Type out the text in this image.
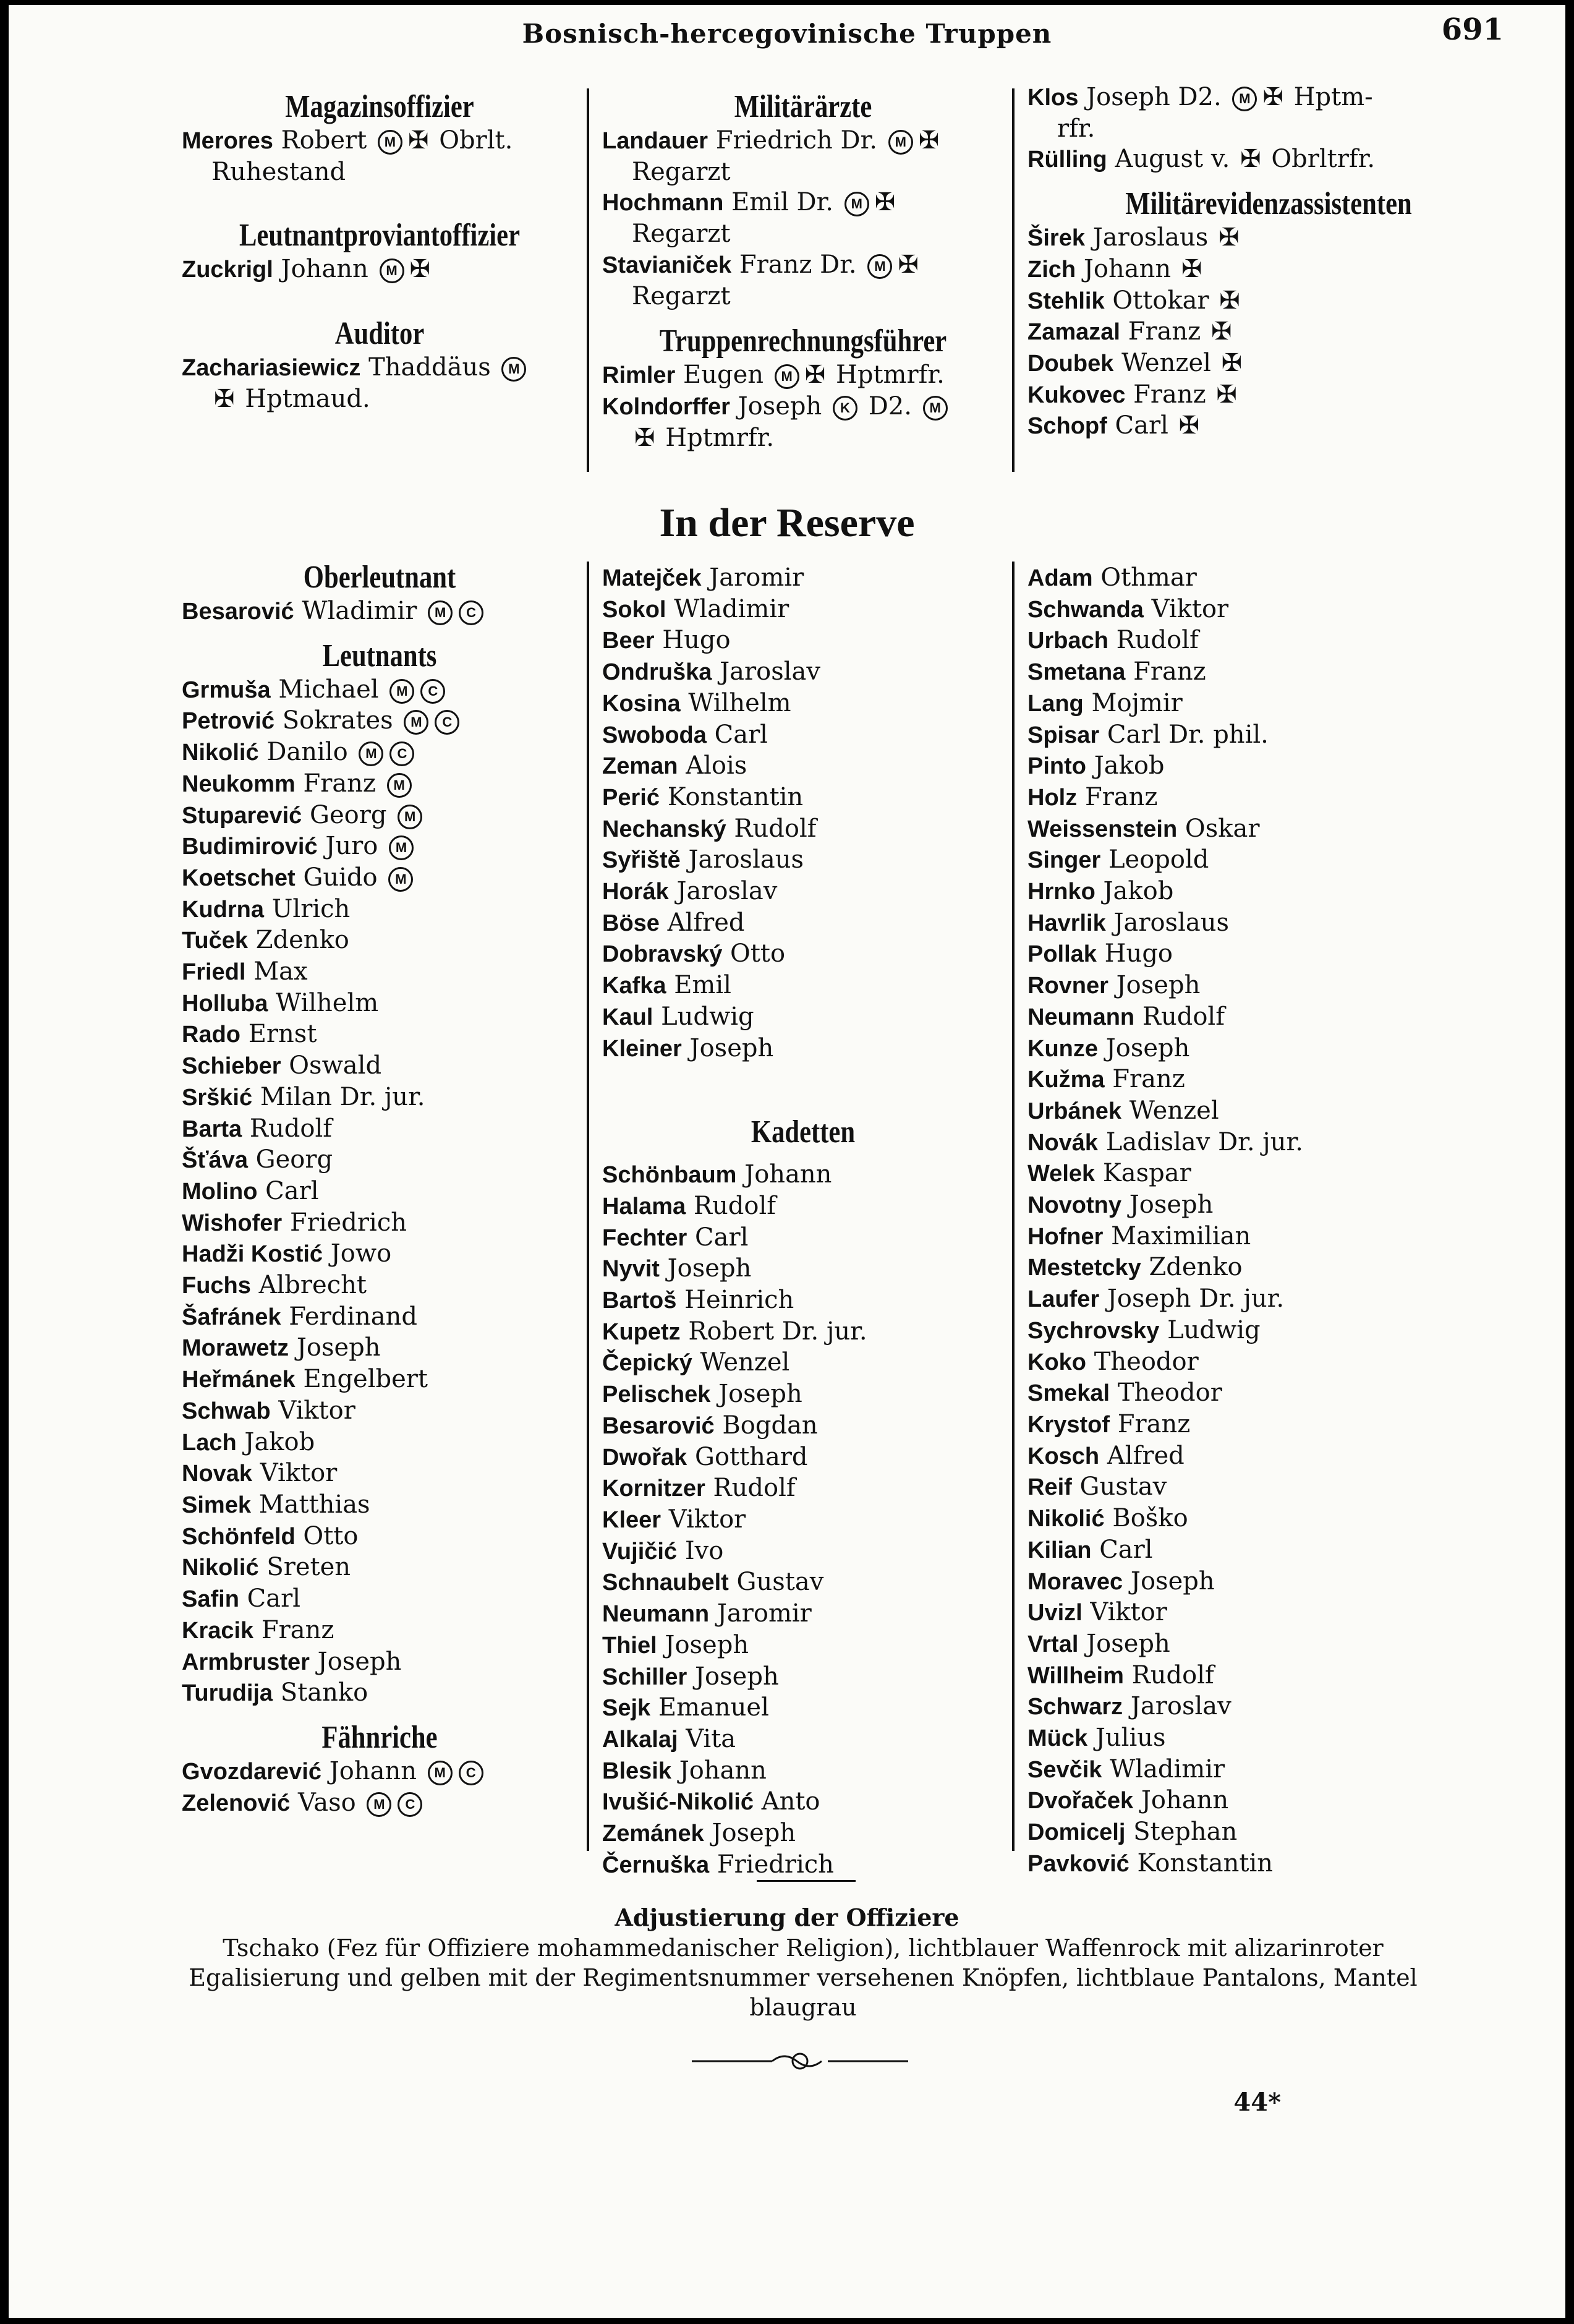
Bosnisch-hercegovinische Truppen	691
Magazinsoffizier
Merores Robert M ✠ Obrlt.
Ruhestand
Leutnantproviantoffizier
Zuckrigl Johann M ✠
Auditor
Zachariasiewicz Thaddäus M
✠ Hptmaud.
Militärärzte
Landauer Friedrich Dr. M ✠
Regarzt
Hochmann Emil Dr. M ✠
Regarzt
Stavianiček Franz Dr. M ✠
Regarzt
Truppenrechnungsführer
Rimler Eugen M ✠ Hptmrfr.
Kolndorffer Joseph K D2. M
✠ Hptmrfr.
Klos Joseph D2. M ✠ Hptm-
rfr.
Rülling August v. ✠ Obrltrfr.
Militärevidenzassistenten
Širek Jaroslaus ✠
Zich Johann ✠
Stehlik Ottokar ✠
Zamazal Franz ✠
Doubek Wenzel ✠
Kukovec Franz ✠
Schopf Carl ✠
In der Reserve
Oberleutnant
Besarović Wladimir M C
Leutnants
Grmuša Michael M C
Petrović Sokrates M C
Nikolić Danilo M C
Neukomm Franz M
Stuparević Georg M
Budimirović Juro M
Koetschet Guido M
Kudrna Ulrich
Tuček Zdenko
Friedl Max
Holluba Wilhelm
Rado Ernst
Schieber Oswald
Srškić Milan Dr. jur.
Barta Rudolf
Šťáva Georg
Molino Carl
Wishofer Friedrich
Hadži Kostić Jowo
Fuchs Albrecht
Šafránek Ferdinand
Morawetz Joseph
Heřmánek Engelbert
Schwab Viktor
Lach Jakob
Novak Viktor
Simek Matthias
Schönfeld Otto
Nikolić Sreten
Safin Carl
Kracik Franz
Armbruster Joseph
Turudija Stanko
Fähnriche
Gvozdarević Johann M C
Zelenović Vaso M C
Matejček Jaromir
Sokol Wladimir
Beer Hugo
Ondruška Jaroslav
Kosina Wilhelm
Swoboda Carl
Zeman Alois
Perić Konstantin
Nechanský Rudolf
Syřiště Jaroslaus
Horák Jaroslav
Böse Alfred
Dobravský Otto
Kafka Emil
Kaul Ludwig
Kleiner Joseph
Kadetten
Schönbaum Johann
Halama Rudolf
Fechter Carl
Nyvit Joseph
Bartoš Heinrich
Kupetz Robert Dr. jur.
Čepický Wenzel
Pelischek Joseph
Besarović Bogdan
Dwořak Gotthard
Kornitzer Rudolf
Kleer Viktor
Vujičić Ivo
Schnaubelt Gustav
Neumann Jaromir
Thiel Joseph
Schiller Joseph
Sejk Emanuel
Alkalaj Vita
Blesik Johann
Ivušić-Nikolić Anto
Zemánek Joseph
Černuška Friedrich
Adam Othmar
Schwanda Viktor
Urbach Rudolf
Smetana Franz
Lang Mojmir
Spisar Carl Dr. phil.
Pinto Jakob
Holz Franz
Weissenstein Oskar
Singer Leopold
Hrnko Jakob
Havrlik Jaroslaus
Pollak Hugo
Rovner Joseph
Neumann Rudolf
Kunze Joseph
Kužma Franz
Urbánek Wenzel
Novák Ladislav Dr. jur.
Welek Kaspar
Novotny Joseph
Hofner Maximilian
Mestetcky Zdenko
Laufer Joseph Dr. jur.
Sychrovsky Ludwig
Koko Theodor
Smekal Theodor
Krystof Franz
Kosch Alfred
Reif Gustav
Nikolić Boško
Kilian Carl
Moravec Joseph
Uvizl Viktor
Vrtal Joseph
Willheim Rudolf
Schwarz Jaroslav
Mück Julius
Sevčik Wladimir
Dvořaček Johann
Domicelj Stephan
Pavković Konstantin
Adjustierung der Offiziere
Tschako (Fez für Offiziere mohammedanischer Religion), lichtblauer Waffenrock mit alizarinroter Egalisierung und gelben mit der Regimentsnummer versehenen Knöpfen, lichtblaue Pantalons, Mantel blaugrau
44*
